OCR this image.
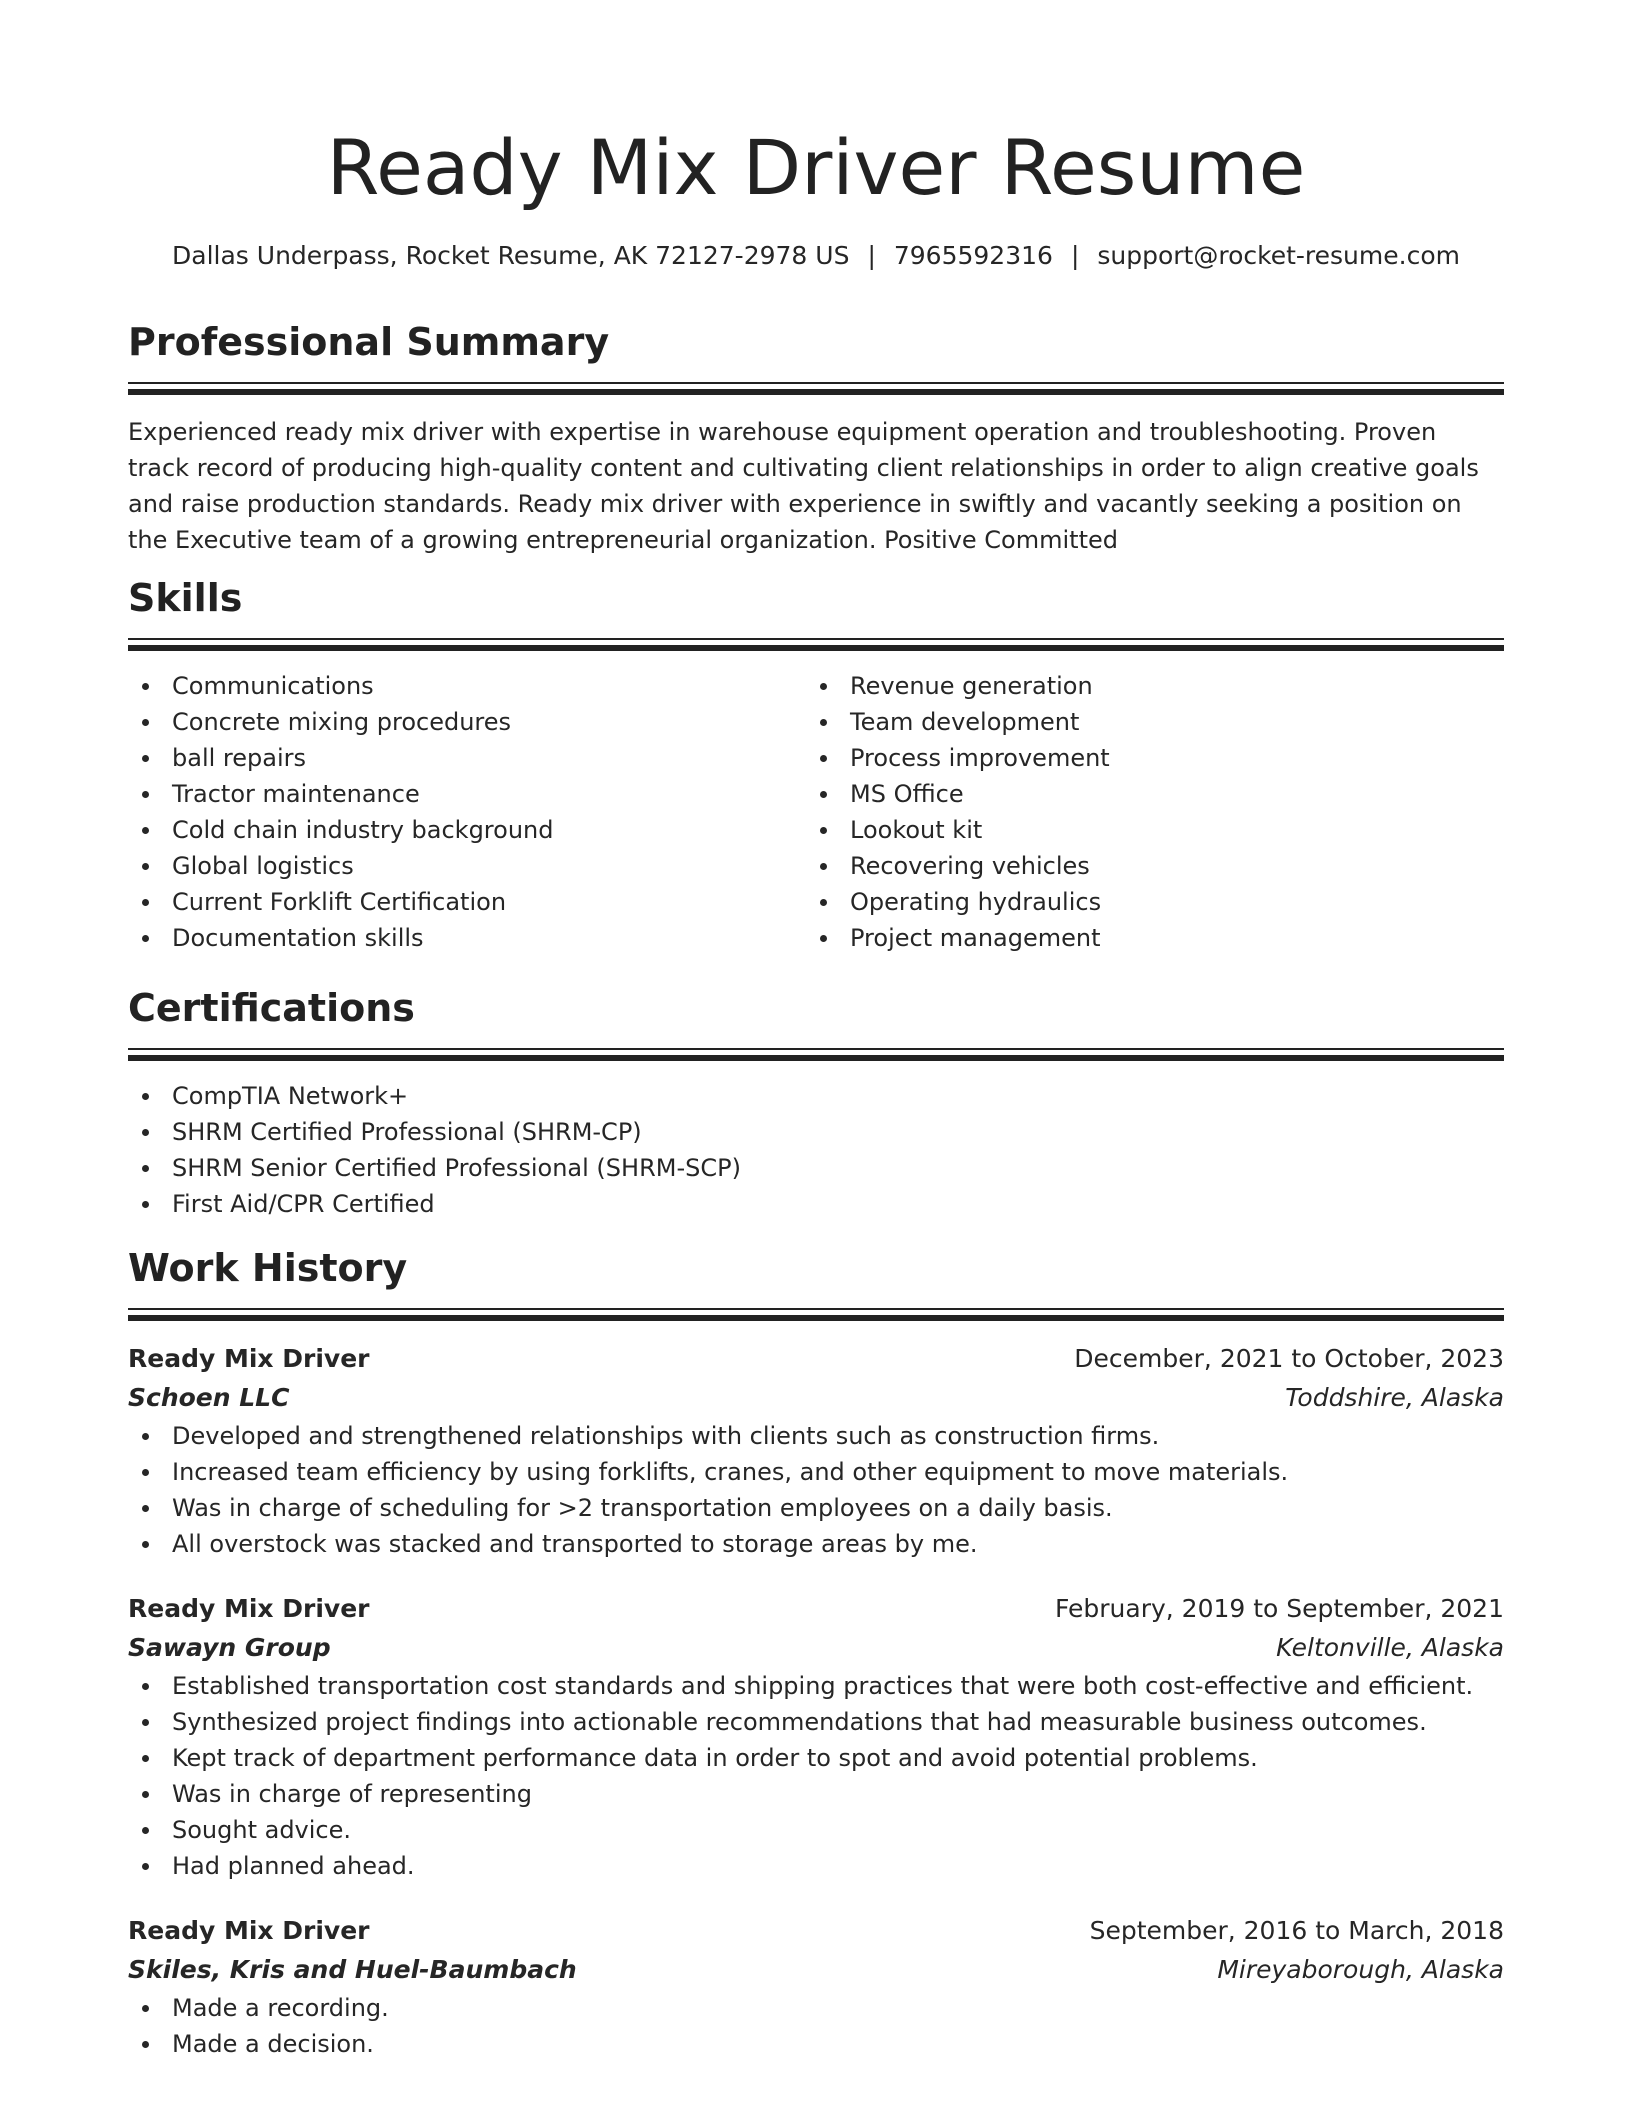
Ready Mix Driver Resume
Dallas Underpass, Rocket Resume, AK 72127-2978 US | 7965592316 | support@rocket-resume.com
Professional Summary
Experienced ready mix driver with expertise in warehouse equipment operation and troubleshooting. Proven track record of producing high-quality content and cultivating client relationships in order to align creative goals and raise production standards. Ready mix driver with experience in swiftly and vacantly seeking a position on the Executive team of a growing entrepreneurial organization. Positive Committed
Skills
Communications
Concrete mixing procedures
ball repairs
Tractor maintenance
Cold chain industry background
Global logistics
Current Forklift Certification
Documentation skills
Revenue generation
Team development
Process improvement
MS Office
Lookout kit
Recovering vehicles
Operating hydraulics
Project management
Certifications
CompTIA Network+
SHRM Certified Professional (SHRM-CP)
SHRM Senior Certified Professional (SHRM-SCP)
First Aid/CPR Certified
Work History
Ready Mix Driver	December, 2021 to October, 2023
Schoen LLC	Toddshire, Alaska
Developed and strengthened relationships with clients such as construction firms.
Increased team efficiency by using forklifts, cranes, and other equipment to move materials.
Was in charge of scheduling for >2 transportation employees on a daily basis.
All overstock was stacked and transported to storage areas by me.
Ready Mix Driver	February, 2019 to September, 2021
Sawayn Group	Keltonville, Alaska
Established transportation cost standards and shipping practices that were both cost-effective and efficient.
Synthesized project findings into actionable recommendations that had measurable business outcomes.
Kept track of department performance data in order to spot and avoid potential problems.
Was in charge of representing
Sought advice.
Had planned ahead.
Ready Mix Driver	September, 2016 to March, 2018
Skiles, Kris and Huel-Baumbach	Mireyaborough, Alaska
Made a recording.
Made a decision.
